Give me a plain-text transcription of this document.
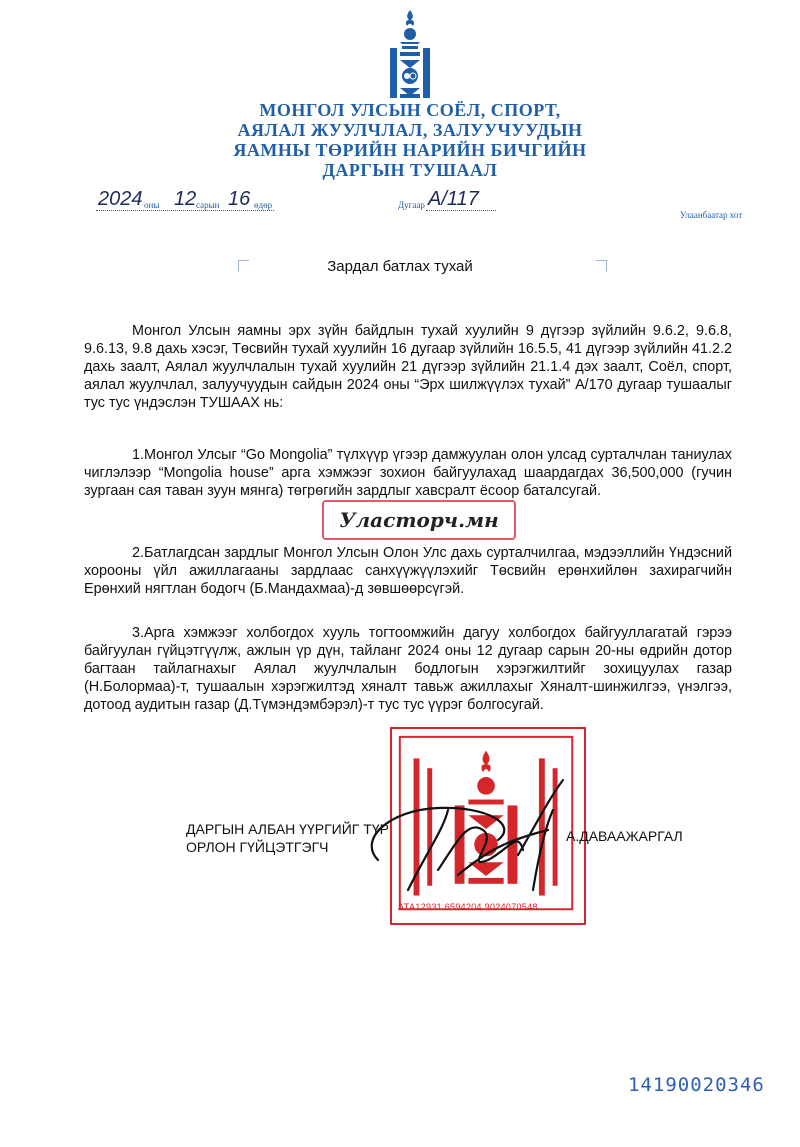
МОНГОЛ УЛСЫН СОЁЛ, СПОРТ,
АЯЛАЛ ЖУУЛЧЛАЛ, ЗАЛУУЧУУДЫН
ЯАМНЫ ТӨРИЙН НАРИЙН БИЧГИЙН
ДАРГЫН ТУШААЛ
2024 оны 12 сарын 16 өдөр	Дугаар A/117
Улаанбаатар хот
Зардал батлах тухай
Монгол Улсын яамны эрх зүйн байдлын тухай хуулийн 9 дүгээр зүйлийн 9.6.2, 9.6.8, 9.6.13, 9.8 дахь хэсэг, Төсвийн тухай хуулийн 16 дугаар зүйлийн 16.5.5, 41 дүгээр зүйлийн 41.2.2 дахь заалт, Аялал жуулчлалын тухай хуулийн 21 дүгээр зүйлийн 21.1.4 дэх заалт, Соёл, спорт, аялал жуулчлал, залуучуудын сайдын 2024 оны “Эрх шилжүүлэх тухай” А/170 дугаар тушаалыг тус тус үндэслэн ТУШААХ нь:
1.Монгол Улсыг “Go Mongolia” түлхүүр үгээр дамжуулан олон улсад сурталчлан таниулах чиглэлээр “Mongolia house” арга хэмжээг зохион байгуулахад шаардагдах 36,500,000 (гучин зургаан сая таван зуун мянга) төгрөгийн зардлыг хавсралт ёсоор баталсугай.
2.Батлагдсан зардлыг Монгол Улсын Олон Улс дахь сурталчилгаа, мэдээллийн Үндэсний хорооны үйл ажиллагааны зардлаас санхүүжүүлэхийг Төсвийн ерөнхийлөн захирагчийн Ерөнхий нягтлан бодогч (Б.Мандахмаа)-д зөвшөөрсүгэй.
3.Арга хэмжээг холбогдох хууль тогтоомжийн дагуу холбогдох байгууллагатай гэрээ байгуулан гүйцэтгүүлж, ажлын үр дүн, тайланг 2024 оны 12 дугаар сарын 20-ны өдрийн дотор багтаан тайлагнахыг Аялал жуулчлалын бодлогын хэрэгжилтийг зохицуулах газар (Н.Болормаа)-т, тушаалын хэрэгжилтэд хяналт тавьж ажиллахыг Хяналт-шинжилгээ, үнэлгээ, дотоод аудитын газар (Д.Түмэндэмбэрэл)-т тус тус үүрэг болгосугай.
Уласторч.мн
АТА12931 6594204 9024070548
ДАРГЫН АЛБАН ҮҮРГИЙГ ТҮР
ОРЛОН ГҮЙЦЭТГЭГЧ
А.ДАВААЖАРГАЛ
14190020346
